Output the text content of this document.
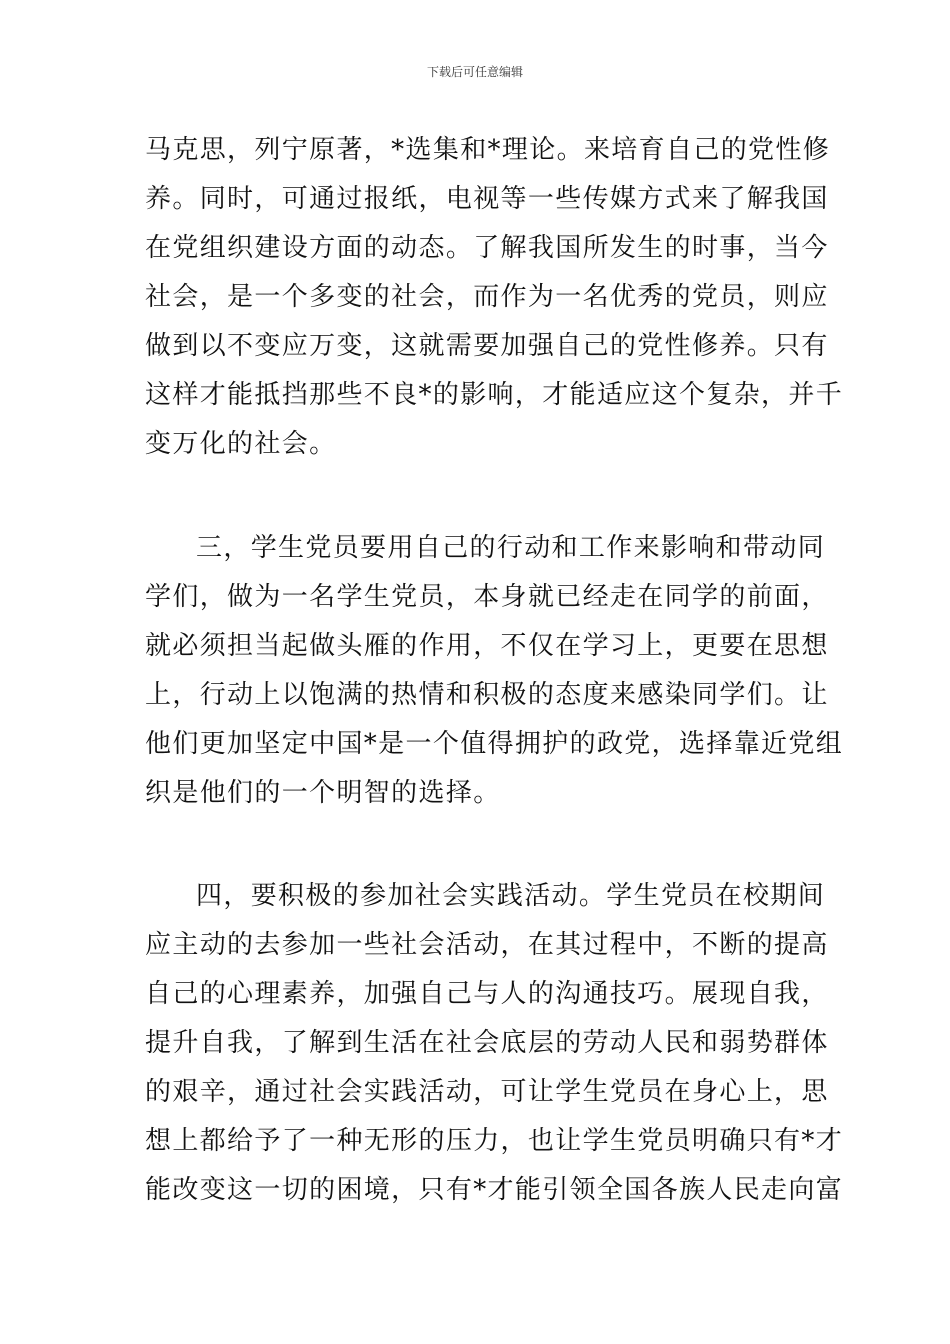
下载后可任意编辑
马克思，列宁原著，*选集和*理论。来培育自己的党性修
养。同时，可通过报纸，电视等一些传媒方式来了解我国
在党组织建设方面的动态。了解我国所发生的时事，当今
社会，是一个多变的社会，而作为一名优秀的党员，则应
做到以不变应万变，这就需要加强自己的党性修养。只有
这样才能抵挡那些不良*的影响，才能适应这个复杂，并千
变万化的社会。
三，学生党员要用自己的行动和工作来影响和带动同
学们，做为一名学生党员，本身就已经走在同学的前面，
就必须担当起做头雁的作用，不仅在学习上，更要在思想
上，行动上以饱满的热情和积极的态度来感染同学们。让
他们更加坚定中国*是一个值得拥护的政党，选择靠近党组
织是他们的一个明智的选择。
四，要积极的参加社会实践活动。学生党员在校期间
应主动的去参加一些社会活动，在其过程中，不断的提高
自己的心理素养，加强自己与人的沟通技巧。展现自我，
提升自我，了解到生活在社会底层的劳动人民和弱势群体
的艰辛，通过社会实践活动，可让学生党员在身心上，思
想上都给予了一种无形的压力，也让学生党员明确只有*才
能改变这一切的困境，只有*才能引领全国各族人民走向富
